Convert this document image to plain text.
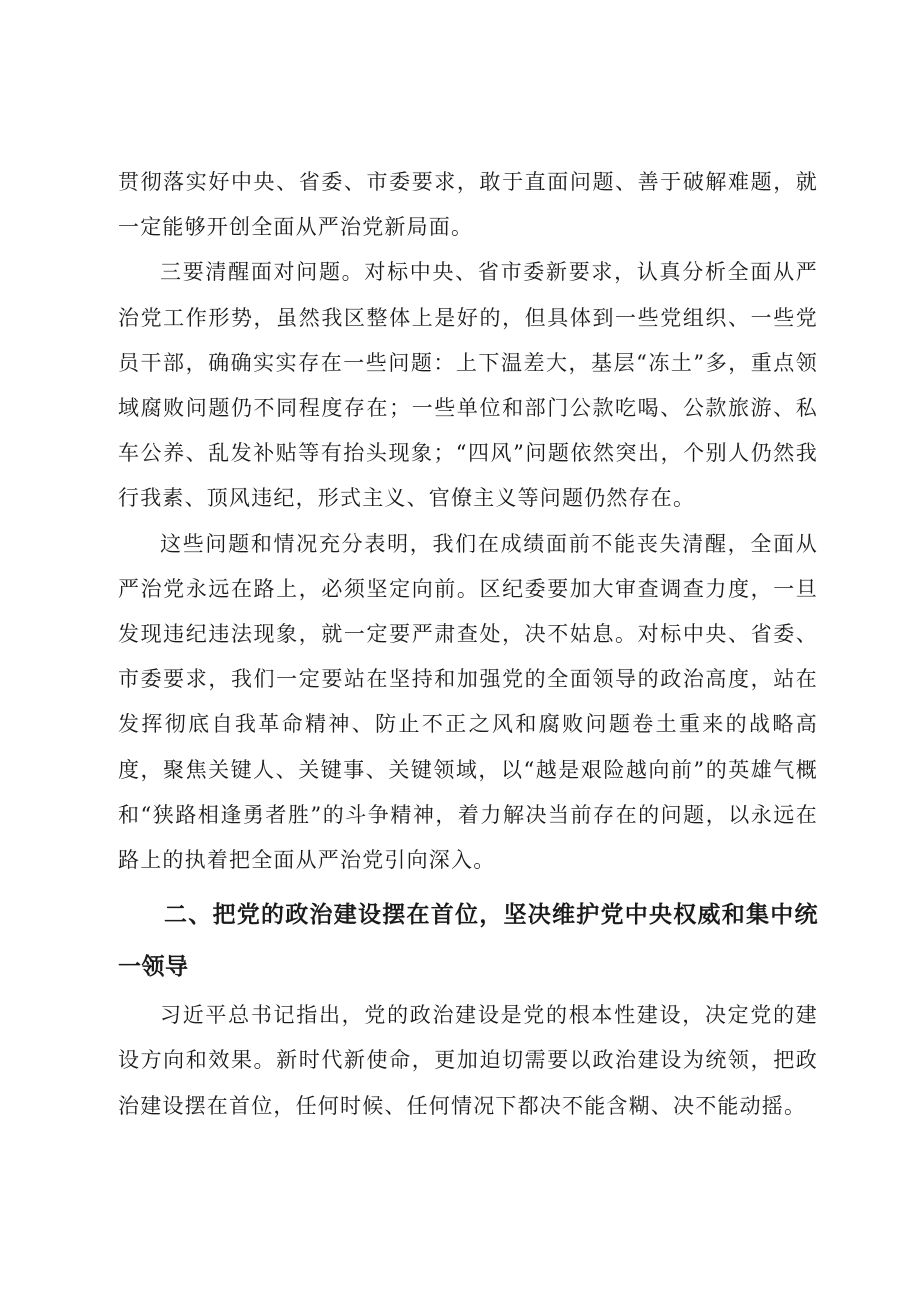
贯彻落实好中央、省委、市委要求，敢于直面问题、善于破解难题，就一定能够开创全面从严治党新局面。

三要清醒面对问题。对标中央、省市委新要求，认真分析全面从严治党工作形势，虽然我区整体上是好的，但具体到一些党组织、一些党员干部，确确实实存在一些问题：上下温差大，基层“冻土”多，重点领域腐败问题仍不同程度存在；一些单位和部门公款吃喝、公款旅游、私车公养、乱发补贴等有抬头现象；“四风”问题依然突出，个别人仍然我行我素、顶风违纪，形式主义、官僚主义等问题仍然存在。

这些问题和情况充分表明，我们在成绩面前不能丧失清醒，全面从严治党永远在路上，必须坚定向前。区纪委要加大审查调查力度，一旦发现违纪违法现象，就一定要严肃查处，决不姑息。对标中央、省委、市委要求，我们一定要站在坚持和加强党的全面领导的政治高度，站在发挥彻底自我革命精神、防止不正之风和腐败问题卷土重来的战略高度，聚焦关键人、关键事、关键领域，以“越是艰险越向前”的英雄气概和“狭路相逢勇者胜”的斗争精神，着力解决当前存在的问题，以永远在路上的执着把全面从严治党引向深入。

二、把党的政治建设摆在首位，坚决维护党中央权威和集中统一领导

习近平总书记指出，党的政治建设是党的根本性建设，决定党的建设方向和效果。新时代新使命，更加迫切需要以政治建设为统领，把政治建设摆在首位，任何时候、任何情况下都决不能含糊、决不能动摇。
